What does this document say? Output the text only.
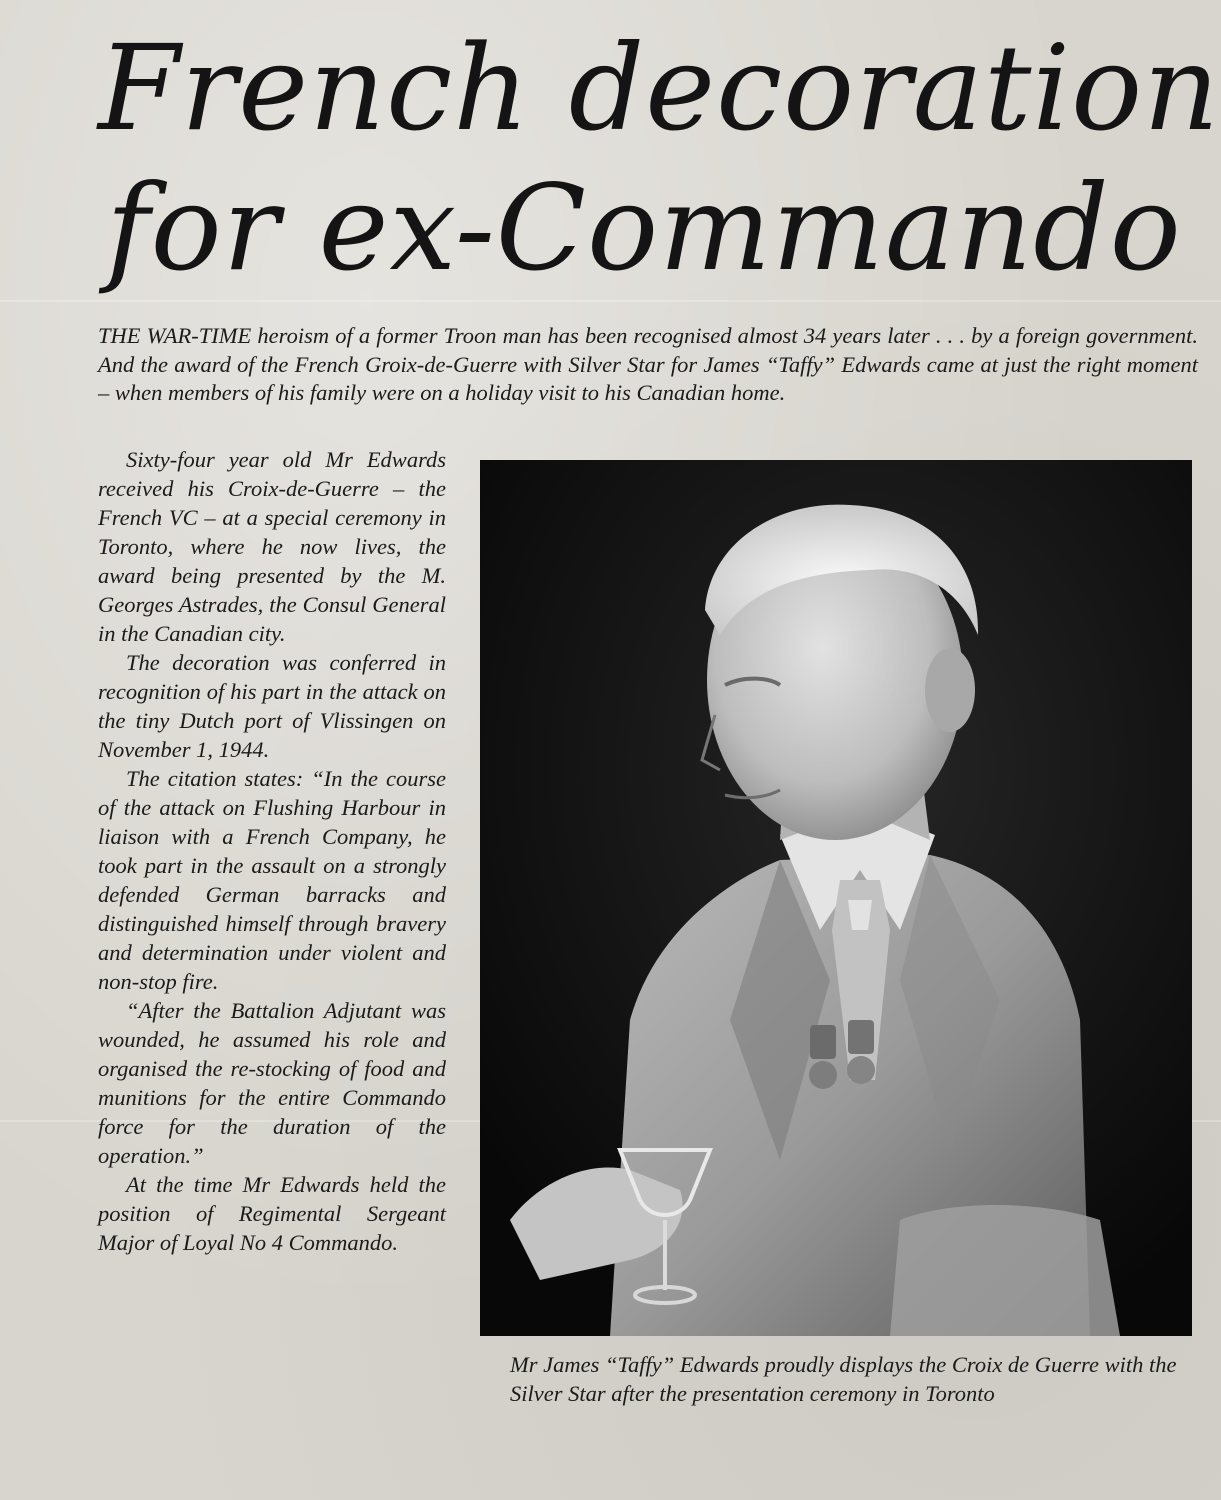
French decoration
for ex-Commando

THE WAR-TIME heroism of a former Troon man has been recognised almost 34 years later . . . by a foreign government. And the award of the French Groix-de-Guerre with Silver Star for James “Taffy” Edwards came at just the right moment – when members of his family were on a holiday visit to his Canadian home.

Sixty-four year old Mr Edwards received his Croix-de-Guerre – the French VC – at a special ceremony in Toronto, where he now lives, the award being presented by the M. Georges Astrades, the Consul General in the Canadian city.

The decoration was conferred in recognition of his part in the attack on the tiny Dutch port of Vlissingen on November 1, 1944.

The citation states: “In the course of the attack on Flushing Harbour in liaison with a French Company, he took part in the assault on a strongly defended German barracks and distinguished himself through bravery and determination under violent and non-stop fire.

“After the Battalion Adjutant was wounded, he assumed his role and organised the re-stocking of food and munitions for the entire Commando force for the duration of the operation.”

At the time Mr Edwards held the position of Regimental Sergeant Major of Loyal No 4 Commando.

Mr James “Taffy” Edwards proudly displays the Croix de Guerre with the Silver Star after the presentation ceremony in Toronto
